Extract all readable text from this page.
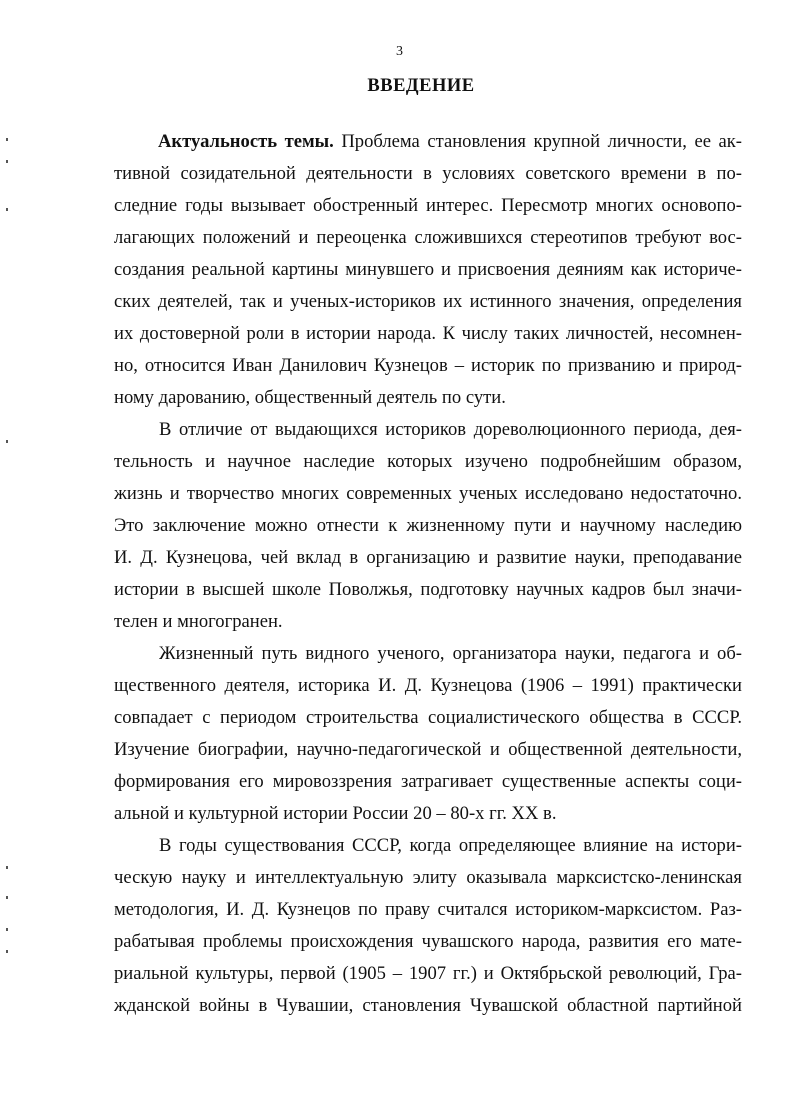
3
ВВЕДЕНИЕ
Актуальность темы. Проблема становления крупной личности, ее ак-
тивной созидательной деятельности в условиях советского времени в по-
следние годы вызывает обостренный интерес. Пересмотр многих основопо-
лагающих положений и переоценка сложившихся стереотипов требуют вос-
создания реальной картины минувшего и присвоения деяниям как историче-
ских деятелей, так и ученых-историков их истинного значения, определения
их достоверной роли в истории народа. К числу таких личностей, несомнен-
но, относится Иван Данилович Кузнецов – историк по призванию и природ-
ному дарованию, общественный деятель по сути.
В отличие от выдающихся историков дореволюционного периода, дея-
тельность и научное наследие которых изучено подробнейшим образом,
жизнь и творчество многих современных ученых исследовано недостаточно.
Это заключение можно отнести к жизненному пути и научному наследию
И. Д. Кузнецова, чей вклад в организацию и развитие науки, преподавание
истории в высшей школе Поволжья, подготовку научных кадров был значи-
телен и многогранен.
Жизненный путь видного ученого, организатора науки, педагога и об-
щественного деятеля, историка И. Д. Кузнецова (1906 – 1991) практически
совпадает с периодом строительства социалистического общества в СССР.
Изучение биографии, научно-педагогической и общественной деятельности,
формирования его мировоззрения затрагивает существенные аспекты соци-
альной и культурной истории России 20 – 80-х гг. XX в.
В годы существования СССР, когда определяющее влияние на истори-
ческую науку и интеллектуальную элиту оказывала марксистско-ленинская
методология, И. Д. Кузнецов по праву считался историком-марксистом. Раз-
рабатывая проблемы происхождения чувашского народа, развития его мате-
риальной культуры, первой (1905 – 1907 гг.) и Октябрьской революций, Гра-
жданской войны в Чувашии, становления Чувашской областной партийной
